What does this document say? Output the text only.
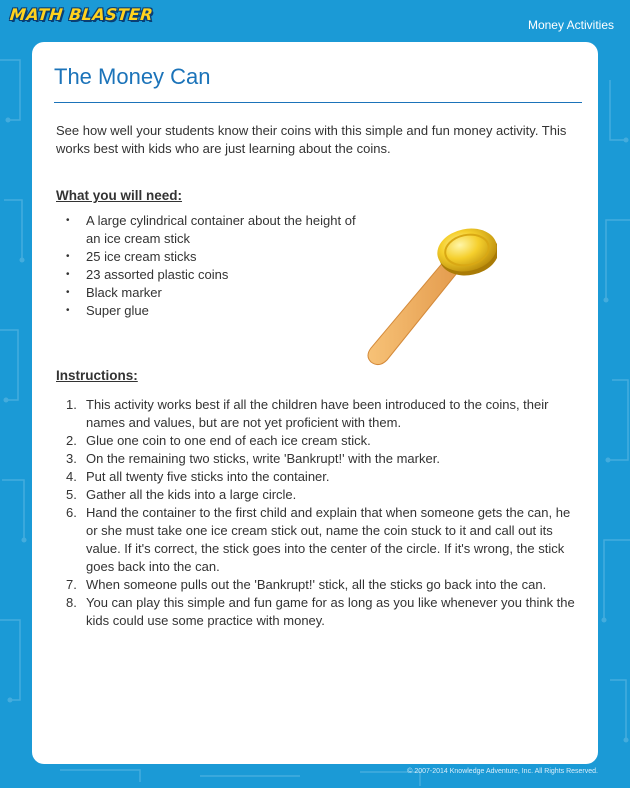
MATH BLASTER
Money Activities
The Money Can

See how well your students know their coins with this simple and fun money activity. This works best with kids who are just learning about the coins.

What you will need:
• A large cylindrical container about the height of an ice cream stick
• 25 ice cream sticks
• 23 assorted plastic coins
• Black marker
• Super glue
Instructions:
1. This activity works best if all the children have been introduced to the coins, their names and values, but are not yet proficient with them.
2. Glue one coin to one end of each ice cream stick.
3. On the remaining two sticks, write 'Bankrupt!' with the marker.
4. Put all twenty five sticks into the container.
5. Gather all the kids into a large circle.
6. Hand the container to the first child and explain that when someone gets the can, he or she must take one ice cream stick out, name the coin stuck to it and call out its value. If it's correct, the stick goes into the center of the circle. If it's wrong, the stick goes back into the can.
7. When someone pulls out the 'Bankrupt!' stick, all the sticks go back into the can.
8. You can play this simple and fun game for as long as you like whenever you think the kids could use some practice with money.
© 2007-2014 Knowledge Adventure, Inc. All Rights Reserved.
